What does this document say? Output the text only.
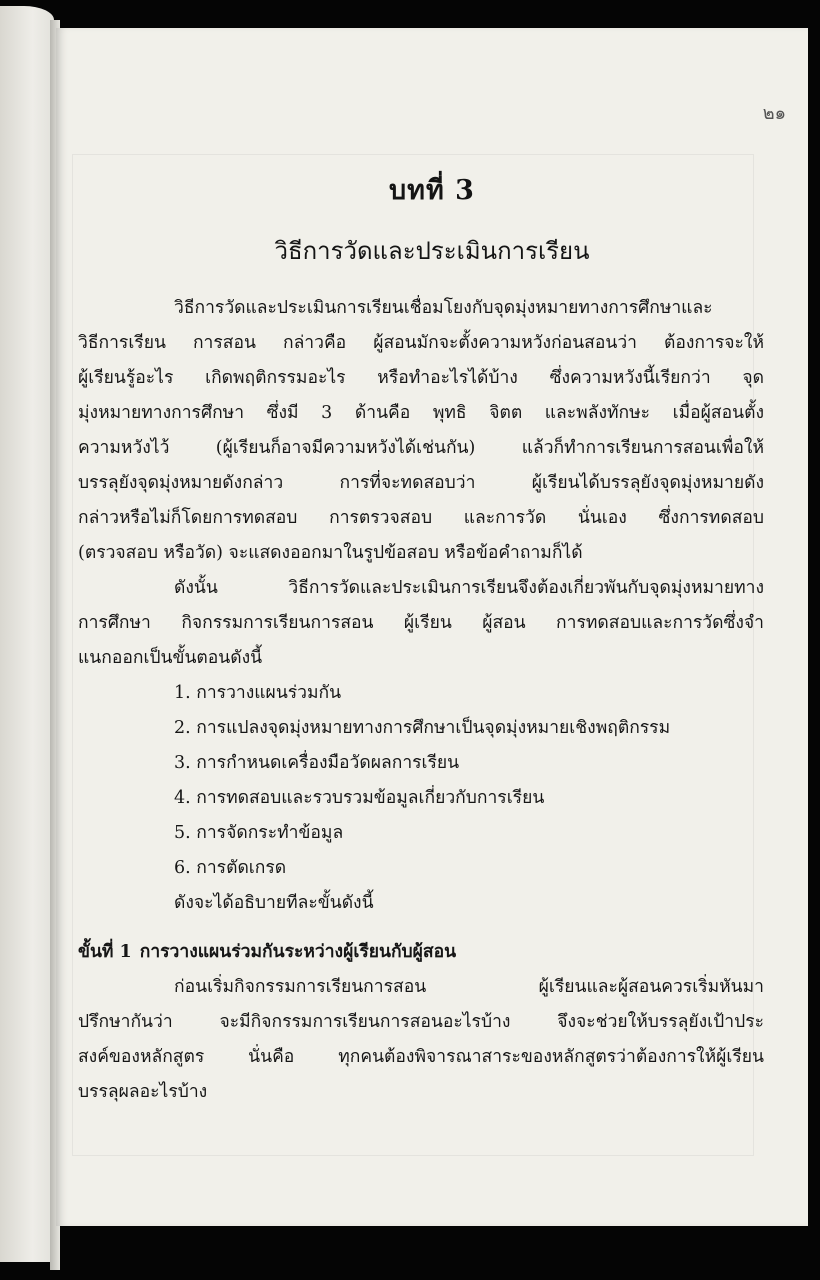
๒๑
บทที่ 3
วิธีการวัดและประเมินการเรียน
วิธีการวัดและประเมินการเรียนเชื่อมโยงกับจุดมุ่งหมายทางการศึกษาและ
วิธีการเรียน การสอน กล่าวคือ ผู้สอนมักจะตั้งความหวังก่อนสอนว่า ต้องการจะให้
ผู้เรียนรู้อะไร เกิดพฤติกรรมอะไร หรือทำอะไรได้บ้าง ซึ่งความหวังนี้เรียกว่า จุด
มุ่งหมายทางการศึกษา ซึ่งมี 3 ด้านคือ พุทธิ จิตต และพลังทักษะ เมื่อผู้สอนตั้ง
ความหวังไว้ (ผู้เรียนก็อาจมีความหวังได้เช่นกัน) แล้วก็ทำการเรียนการสอนเพื่อให้
บรรลุยังจุดมุ่งหมายดังกล่าว การที่จะทดสอบว่า ผู้เรียนได้บรรลุยังจุดมุ่งหมายดัง
กล่าวหรือไม่ก็โดยการทดสอบ การตรวจสอบ และการวัด นั่นเอง ซึ่งการทดสอบ
(ตรวจสอบ หรือวัด) จะแสดงออกมาในรูปข้อสอบ หรือข้อคำถามก็ได้
ดังนั้น วิธีการวัดและประเมินการเรียนจึงต้องเกี่ยวพันกับจุดมุ่งหมายทาง
การศึกษา กิจกรรมการเรียนการสอน ผู้เรียน ผู้สอน การทดสอบและการวัดซึ่งจำ
แนกออกเป็นขั้นตอนดังนี้
1. การวางแผนร่วมกัน
2. การแปลงจุดมุ่งหมายทางการศึกษาเป็นจุดมุ่งหมายเชิงพฤติกรรม
3. การกำหนดเครื่องมือวัดผลการเรียน
4. การทดสอบและรวบรวมข้อมูลเกี่ยวกับการเรียน
5. การจัดกระทำข้อมูล
6. การตัดเกรด
ดังจะได้อธิบายทีละขั้นดังนี้
ขั้นที่ 1 การวางแผนร่วมกันระหว่างผู้เรียนกับผู้สอน
ก่อนเริ่มกิจกรรมการเรียนการสอน ผู้เรียนและผู้สอนควรเริ่มหันมา
ปรึกษากันว่า จะมีกิจกรรมการเรียนการสอนอะไรบ้าง จึงจะช่วยให้บรรลุยังเป้าประ
สงค์ของหลักสูตร นั่นคือ ทุกคนต้องพิจารณาสาระของหลักสูตรว่าต้องการให้ผู้เรียน
บรรลุผลอะไรบ้าง
